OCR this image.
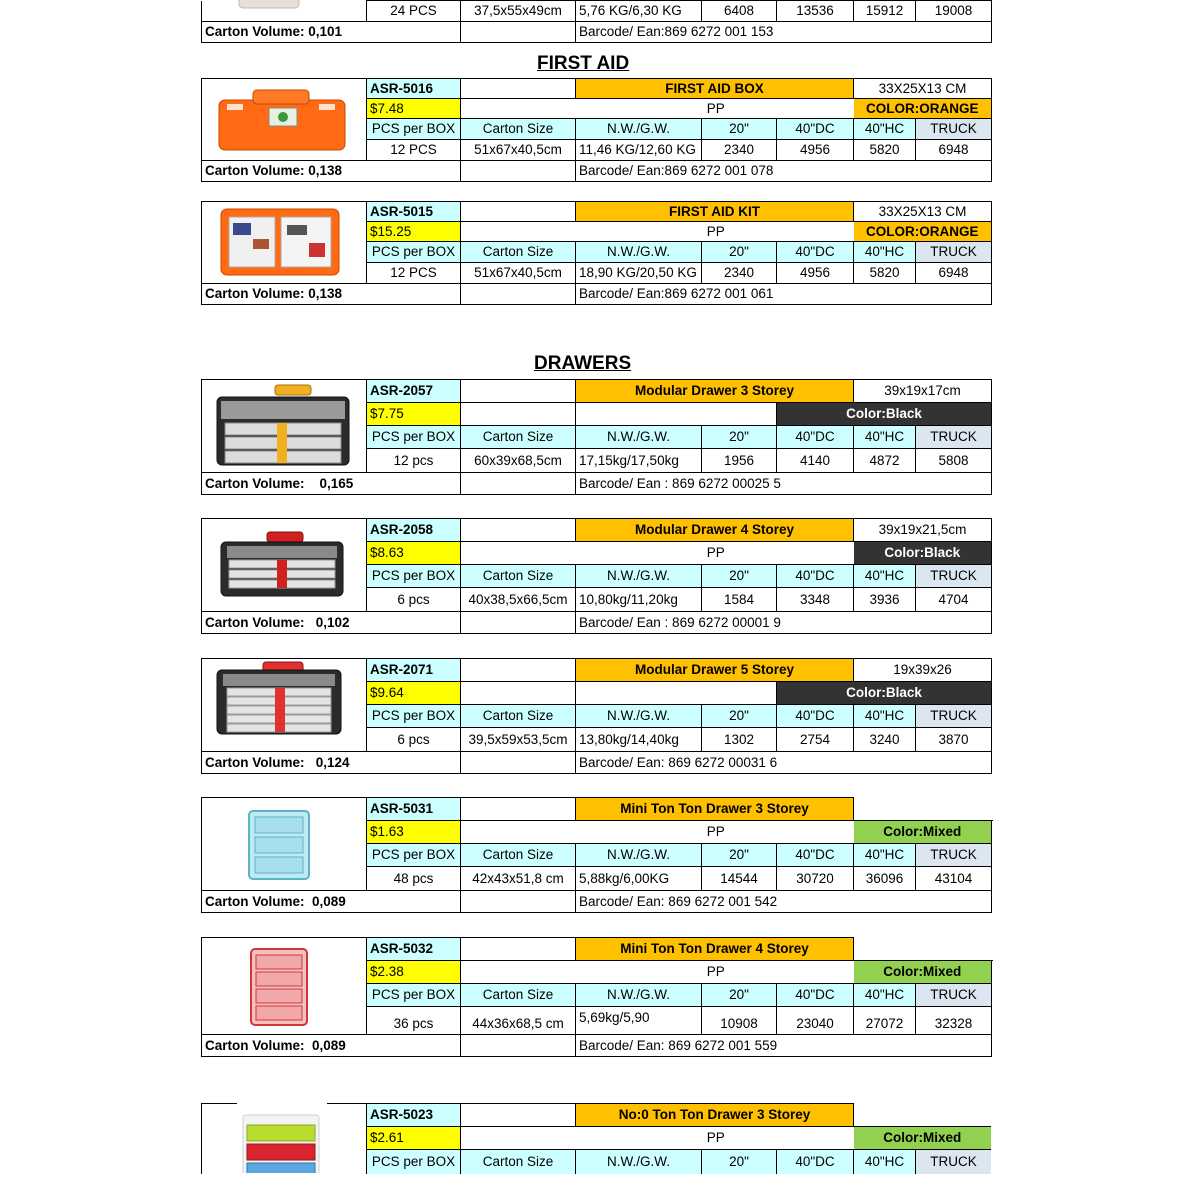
	24 PCS	37,5x55x49cm	5,76 KG/6,30 KG	6408	13536	15912	19008
Carton Volume: 0,101			Barcode/ Ean:869 6272 001 153				
FIRST AID
	ASR-5016		FIRST AID BOX			33X25X13 CM	
	$7.48	PP				COLOR:ORANGE	
	PCS per BOX	Carton Size	N.W./G.W.	20"	40"DC	40"HC	TRUCK
	12 PCS	51x67x40,5cm	11,46 KG/12,60 KG	2340	4956	5820	6948
Carton Volume: 0,138			Barcode/ Ean:869 6272 001 078				
	ASR-5015		FIRST AID KIT			33X25X13 CM	
	$15.25	PP				COLOR:ORANGE	
	PCS per BOX	Carton Size	N.W./G.W.	20"	40"DC	40"HC	TRUCK
	12 PCS	51x67x40,5cm	18,90 KG/20,50 KG	2340	4956	5820	6948
Carton Volume: 0,138			Barcode/ Ean:869 6272 001 061				
DRAWERS
	ASR-2057		Modular Drawer 3 Storey			39x19x17cm	
	$7.75				Color:Black		
	PCS per BOX	Carton Size	N.W./G.W.	20"	40"DC	40"HC	TRUCK
	12 pcs	60x39x68,5cm	17,15kg/17,50kg	1956	4140	4872	5808
Carton Volume:    0,165			Barcode/ Ean : 869 6272 00025 5				
	ASR-2058		Modular Drawer 4 Storey			39x19x21,5cm	
	$8.63	PP				Color:Black	
	PCS per BOX	Carton Size	N.W./G.W.	20"	40"DC	40"HC	TRUCK
	6 pcs	40x38,5x66,5cm	10,80kg/11,20kg	1584	3348	3936	4704
Carton Volume:   0,102			Barcode/ Ean : 869 6272 00001 9				
	ASR-2071		Modular Drawer 5 Storey			19x39x26	
	$9.64				Color:Black		
	PCS per BOX	Carton Size	N.W./G.W.	20"	40"DC	40"HC	TRUCK
	6 pcs	39,5x59x53,5cm	13,80kg/14,40kg	1302	2754	3240	3870
Carton Volume:   0,124			Barcode/ Ean: 869 6272 00031 6				
	ASR-5031		Mini Ton Ton Drawer 3 Storey				
	$1.63	PP				Color:Mixed	
	PCS per BOX	Carton Size	N.W./G.W.	20"	40"DC	40"HC	TRUCK
	48 pcs	42x43x51,8 cm	5,88kg/6,00KG	14544	30720	36096	43104
Carton Volume:  0,089			Barcode/ Ean: 869 6272 001 542				
	ASR-5032		Mini Ton Ton Drawer 4 Storey				
	$2.38	PP				Color:Mixed	
	PCS per BOX	Carton Size	N.W./G.W.	20"	40"DC	40"HC	TRUCK
	36 pcs	44x36x68,5 cm	5,69kg/5,90	10908	23040	27072	32328
Carton Volume:  0,089			Barcode/ Ean: 869 6272 001 559				
	ASR-5023		No:0 Ton Ton Drawer 3 Storey				
	$2.61	PP				Color:Mixed	
	PCS per BOX	Carton Size	N.W./G.W.	20"	40"DC	40"HC	TRUCK
